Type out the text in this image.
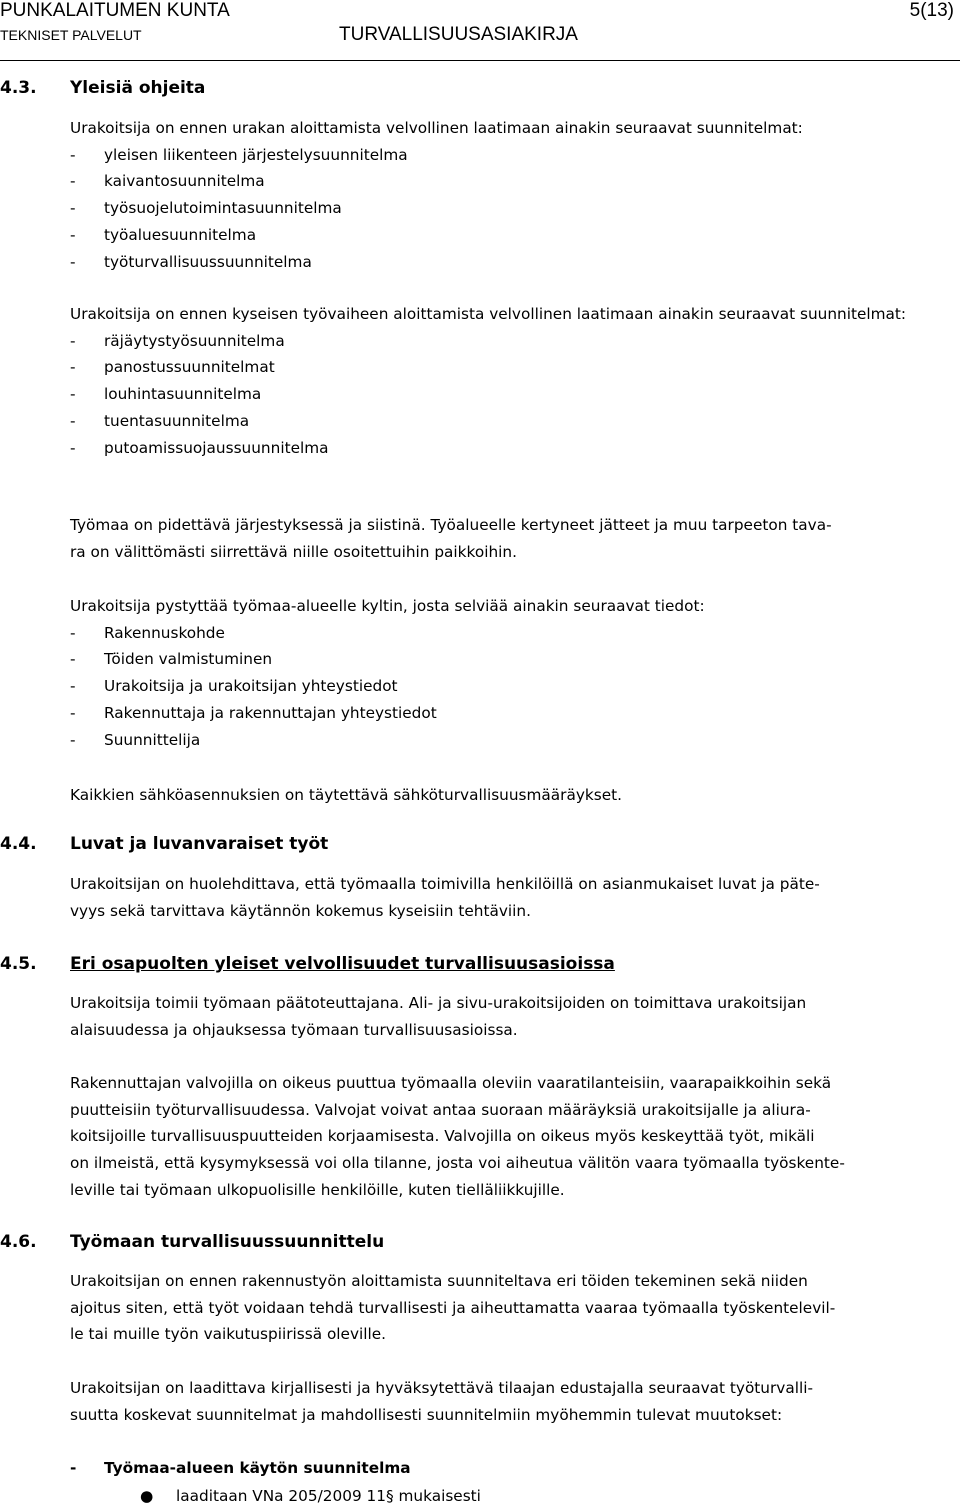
PUNKALAITUMEN KUNTA
TEKNISET PALVELUT	TURVALLISUUSASIAKIRJA
5(13)
4.3. Yleisiä ohjeita
Urakoitsija on ennen urakan aloittamista velvollinen laatimaan ainakin seuraavat suunnitelmat:
- yleisen liikenteen järjestelysuunnitelma
- kaivantosuunnitelma
- työsuojelutoimintasuunnitelma
- työaluesuunnitelma
- työturvallisuussuunnitelma
Urakoitsija on ennen kyseisen työvaiheen aloittamista velvollinen laatimaan ainakin seuraavat suunnitelmat:
- räjäytystyösuunnitelma
- panostussuunnitelmat
- louhintasuunnitelma
- tuentasuunnitelma
- putoamissuojaussuunnitelma
Työmaa on pidettävä järjestyksessä ja siistinä. Työalueelle kertyneet jätteet ja muu tarpeeton tava-
ra on välittömästi siirrettävä niille osoitettuihin paikkoihin.
Urakoitsija pystyttää työmaa-alueelle kyltin, josta selviää ainakin seuraavat tiedot:
- Rakennuskohde
- Töiden valmistuminen
- Urakoitsija ja urakoitsijan yhteystiedot
- Rakennuttaja ja rakennuttajan yhteystiedot
- Suunnittelija
Kaikkien sähköasennuksien on täytettävä sähköturvallisuusmääräykset.
4.4. Luvat ja luvanvaraiset työt
Urakoitsijan on huolehdittava, että työmaalla toimivilla henkilöillä on asianmukaiset luvat ja päte-
vyys sekä tarvittava käytännön kokemus kyseisiin tehtäviin.
4.5. Eri osapuolten yleiset velvollisuudet turvallisuusasioissa
Urakoitsija toimii työmaan päätoteuttajana. Ali- ja sivu-urakoitsijoiden on toimittava urakoitsijan
alaisuudessa ja ohjauksessa työmaan turvallisuusasioissa.
Rakennuttajan valvojilla on oikeus puuttua työmaalla oleviin vaaratilanteisiin, vaarapaikkoihin sekä
puutteisiin työturvallisuudessa. Valvojat voivat antaa suoraan määräyksiä urakoitsijalle ja aliura-
koitsijoille turvallisuuspuutteiden korjaamisesta. Valvojilla on oikeus myös keskeyttää työt, mikäli
on ilmeistä, että kysymyksessä voi olla tilanne, josta voi aiheutua välitön vaara työmaalla työskente-
leville tai työmaan ulkopuolisille henkilöille, kuten tielläliikkujille.
4.6. Työmaan turvallisuussuunnittelu
Urakoitsijan on ennen rakennustyön aloittamista suunniteltava eri töiden tekeminen sekä niiden
ajoitus siten, että työt voidaan tehdä turvallisesti ja aiheuttamatta vaaraa työmaalla työskentelevil-
le tai muille työn vaikutuspiirissä oleville.
Urakoitsijan on laadittava kirjallisesti ja hyväksytettävä tilaajan edustajalla seuraavat työturvalli-
suutta koskevat suunnitelmat ja mahdollisesti suunnitelmiin myöhemmin tulevat muutokset:
- Työmaa-alueen käytön suunnitelma
● laaditaan VNa 205/2009 11§ mukaisesti
